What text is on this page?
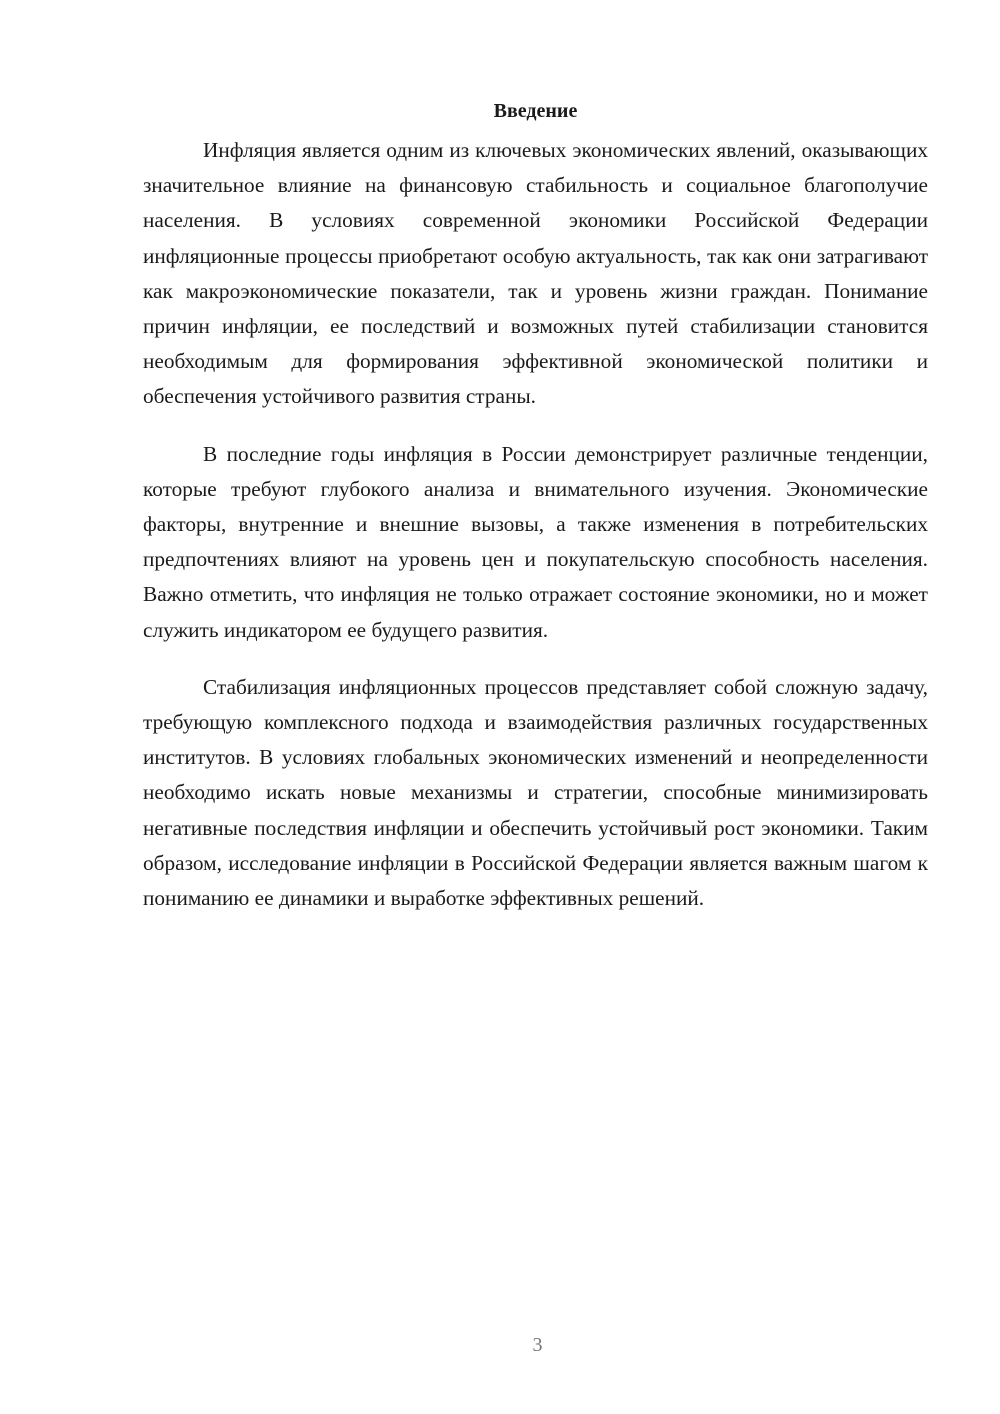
Введение

Инфляция является одним из ключевых экономических явлений, оказывающих значительное влияние на финансовую стабильность и социальное благополучие населения. В условиях современной экономики Российской Федерации инфляционные процессы приобретают особую актуальность, так как они затрагивают как макроэкономические показатели, так и уровень жизни граждан. Понимание причин инфляции, ее последствий и возможных путей стабилизации становится необходимым для формирования эффективной экономической политики и обеспечения устойчивого развития страны.

В последние годы инфляция в России демонстрирует различные тенденции, которые требуют глубокого анализа и внимательного изучения. Экономические факторы, внутренние и внешние вызовы, а также изменения в потребительских предпочтениях влияют на уровень цен и покупательскую способность населения. Важно отметить, что инфляция не только отражает состояние экономики, но и может служить индикатором ее будущего развития.

Стабилизация инфляционных процессов представляет собой сложную задачу, требующую комплексного подхода и взаимодействия различных государственных институтов. В условиях глобальных экономических изменений и неопределенности необходимо искать новые механизмы и стратегии, способные минимизировать негативные последствия инфляции и обеспечить устойчивый рост экономики. Таким образом, исследование инфляции в Российской Федерации является важным шагом к пониманию ее динамики и выработке эффективных решений.

3
